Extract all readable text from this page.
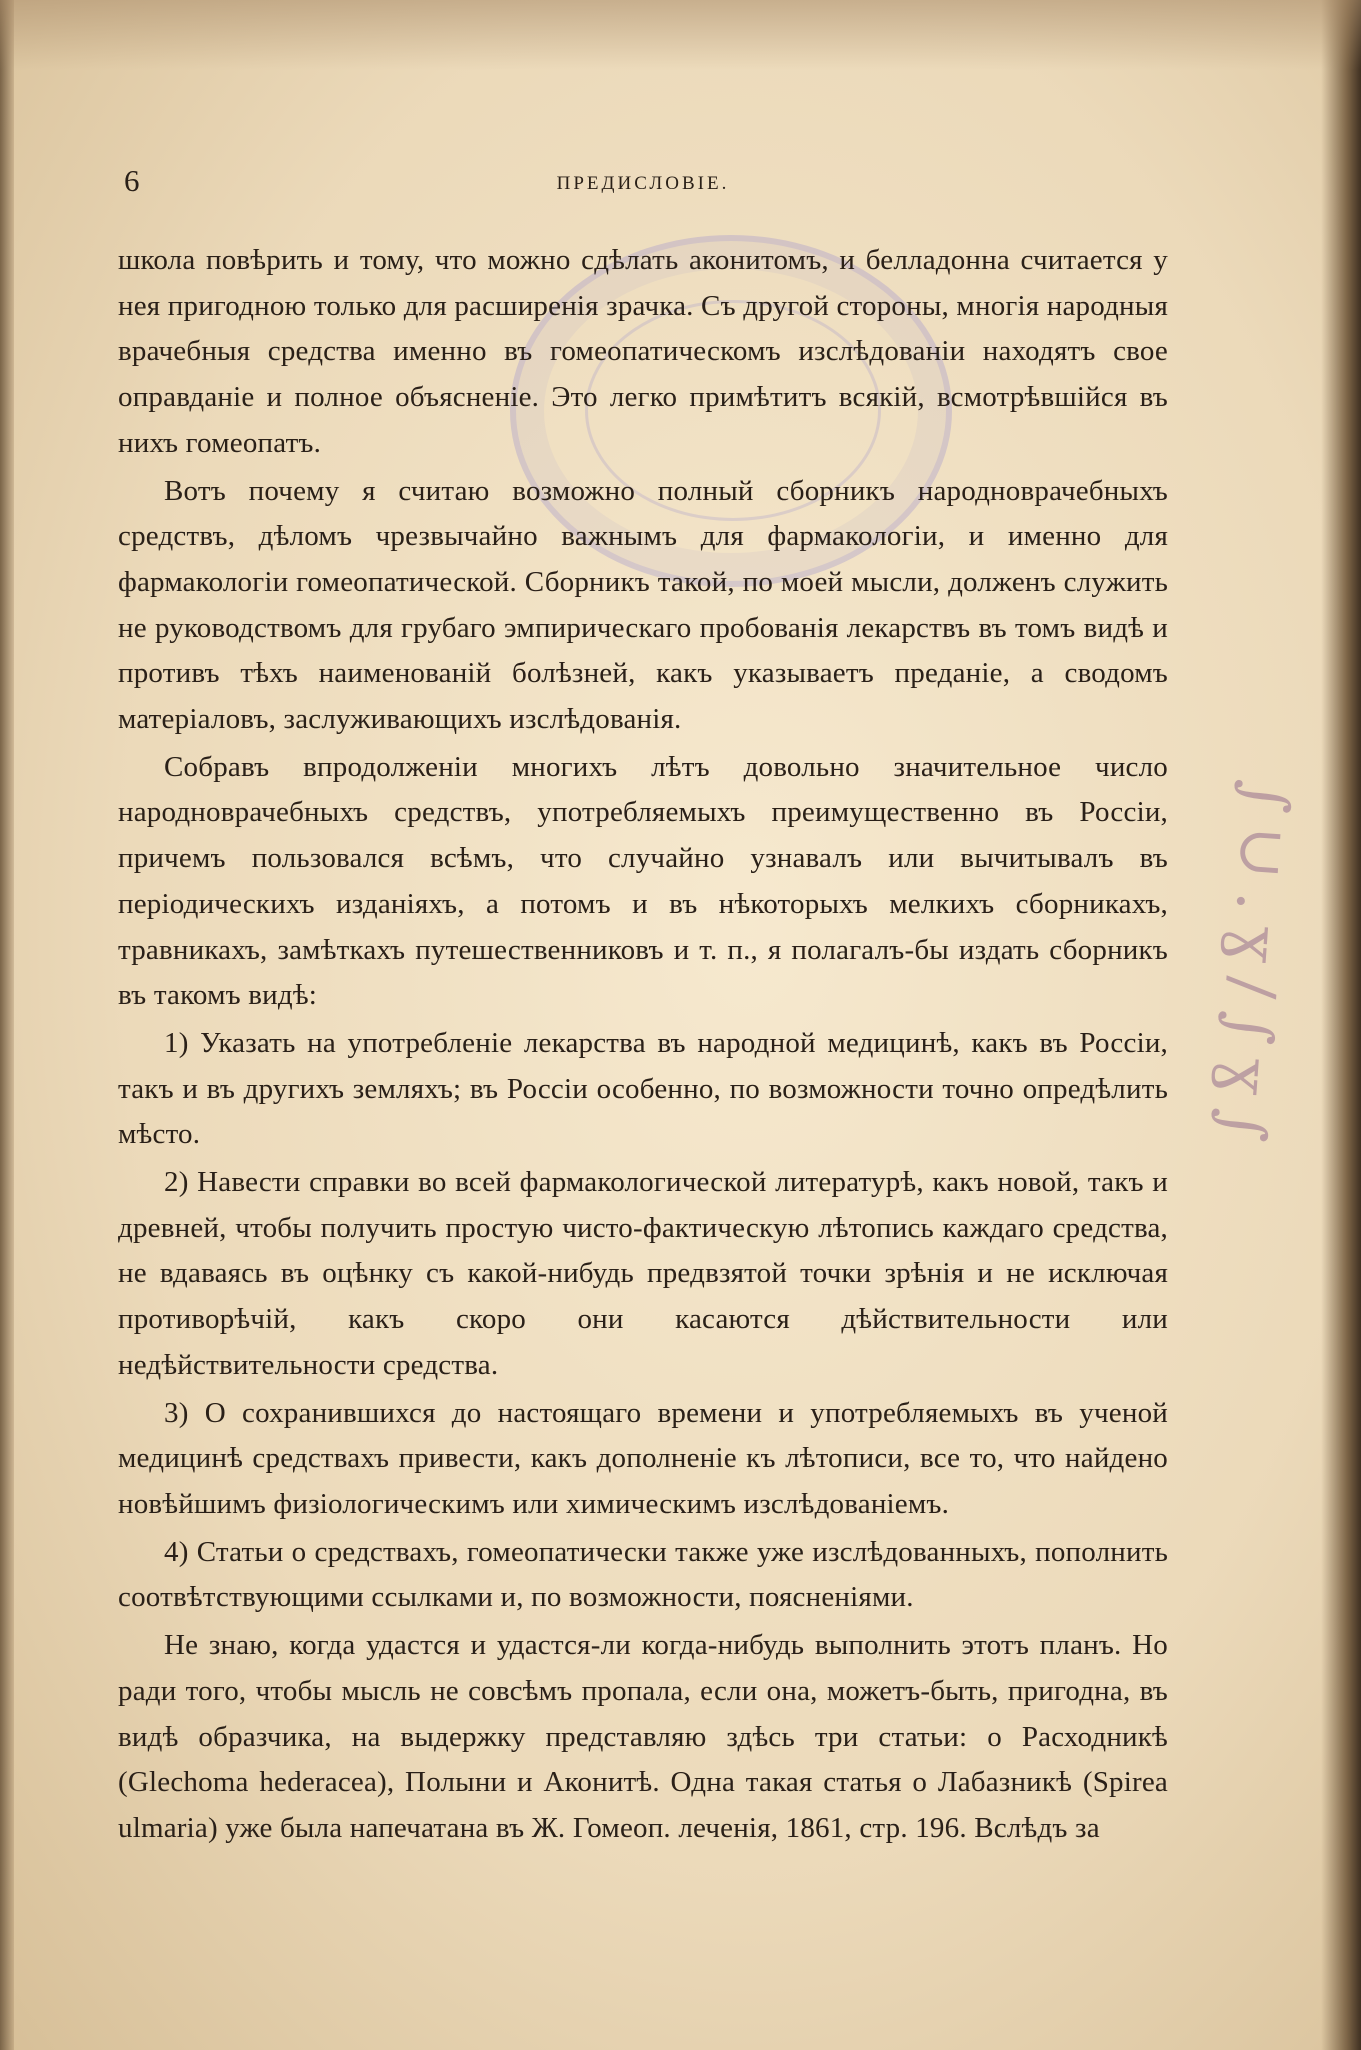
∫∪.ɣ∕∫ɣ∫
6	ПРЕДИСЛОВІЕ.

школа повѣрить и тому, что можно сдѣлать аконитомъ, и белладонна считается у нея пригодною только для расширенія зрачка. Съ другой стороны, многія народныя врачебныя средства именно въ гомеопатическомъ изслѣдованіи находятъ свое оправданіе и полное объясненіе. Это легко примѣтитъ всякій, всмотрѣвшійся въ нихъ гомеопатъ.

Вотъ почему я считаю возможно полный сборникъ народноврачебныхъ средствъ, дѣломъ чрезвычайно важнымъ для фармакологіи, и именно для фармакологіи гомеопатической. Сборникъ такой, по моей мысли, долженъ служить не руководствомъ для грубаго эмпирическаго пробованія лекарствъ въ томъ видѣ и противъ тѣхъ наименованій болѣзней, какъ указываетъ преданіе, а сводомъ матеріаловъ, заслуживающихъ изслѣдованія.

Собравъ впродолженіи многихъ лѣтъ довольно значительное число народноврачебныхъ средствъ, употребляемыхъ преимущественно въ Россіи, причемъ пользовался всѣмъ, что случайно узнавалъ или вычитывалъ въ періодическихъ изданіяхъ, а потомъ и въ нѣкоторыхъ мелкихъ сборникахъ, травникахъ, замѣткахъ путешественниковъ и т. п., я полагалъ-бы издать сборникъ въ такомъ видѣ:

1) Указать на употребленіе лекарства въ народной медицинѣ, какъ въ Россіи, такъ и въ другихъ земляхъ; въ Россіи особенно, по возможности точно опредѣлить мѣсто.

2) Навести справки во всей фармакологической литературѣ, какъ новой, такъ и древней, чтобы получить простую чисто-фактическую лѣтопись каждаго средства, не вдаваясь въ оцѣнку съ какой-нибудь предвзятой точки зрѣнія и не исключая противорѣчій, какъ скоро они касаются дѣйствительности или недѣйствительности средства.

3) О сохранившихся до настоящаго времени и употребляемыхъ въ ученой медицинѣ средствахъ привести, какъ дополненіе къ лѣтописи, все то, что найдено новѣйшимъ физіологическимъ или химическимъ изслѣдованіемъ.

4) Статьи о средствахъ, гомеопатически также уже изслѣдованныхъ, пополнить соотвѣтствующими ссылками и, по возможности, поясненіями.

Не знаю, когда удастся и удастся-ли когда-нибудь выполнить этотъ планъ. Но ради того, чтобы мысль не совсѣмъ пропала, если она, можетъ-быть, пригодна, въ видѣ образчика, на выдержку представляю здѣсь три статьи: о Расходникѣ (Glechoma hederacea), Полыни и Аконитѣ. Одна такая статья о Лабазникѣ (Spirea ulmaria) уже была напечатана въ Ж. Гомеоп. леченія, 1861, стр. 196. Вслѣдъ за
